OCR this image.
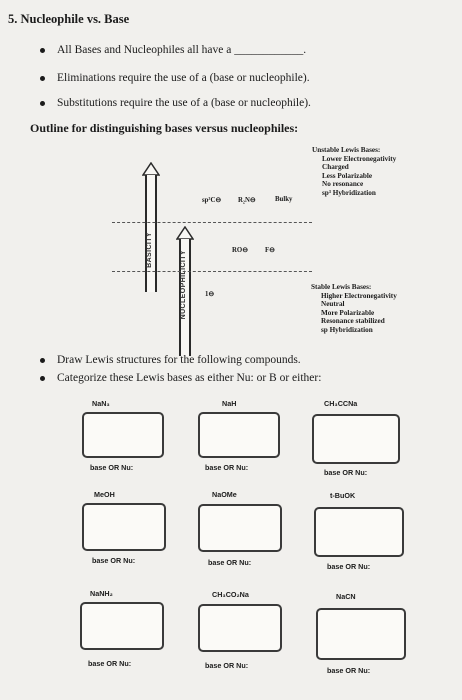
5. Nucleophile vs. Base
All Bases and Nucleophiles all have a ____________.
Eliminations require the use of a (base or nucleophile).
Substitutions require the use of a (base or nucleophile).
Outline for distinguishing bases versus nucleophiles:
Unstable Lewis Bases:
Lower Electronegativity
Charged
Less Polarizable
No resonance
sp³ Hybridization
BASICITY
NUCLEOPHILICITY
sp³C⊖ R₂N⊖	Bulky
RO⊖	F⊖
1⊖
Stable Lewis Bases:
Higher Electronegativity
Neutral
More Polarizable
Resonance stabilized
sp Hybridization
Draw Lewis structures for the following compounds.
Categorize these Lewis bases as either Nu: or B or either:
NaN₃
base OR Nu:
NaH
base OR Nu:
CH₃CCNa
base OR Nu:
MeOH
base OR Nu:
NaOMe
base OR Nu:
t-BuOK
base OR Nu:
NaNH₂
base OR Nu:
CH₃CO₂Na
base OR Nu:
NaCN
base OR Nu:
